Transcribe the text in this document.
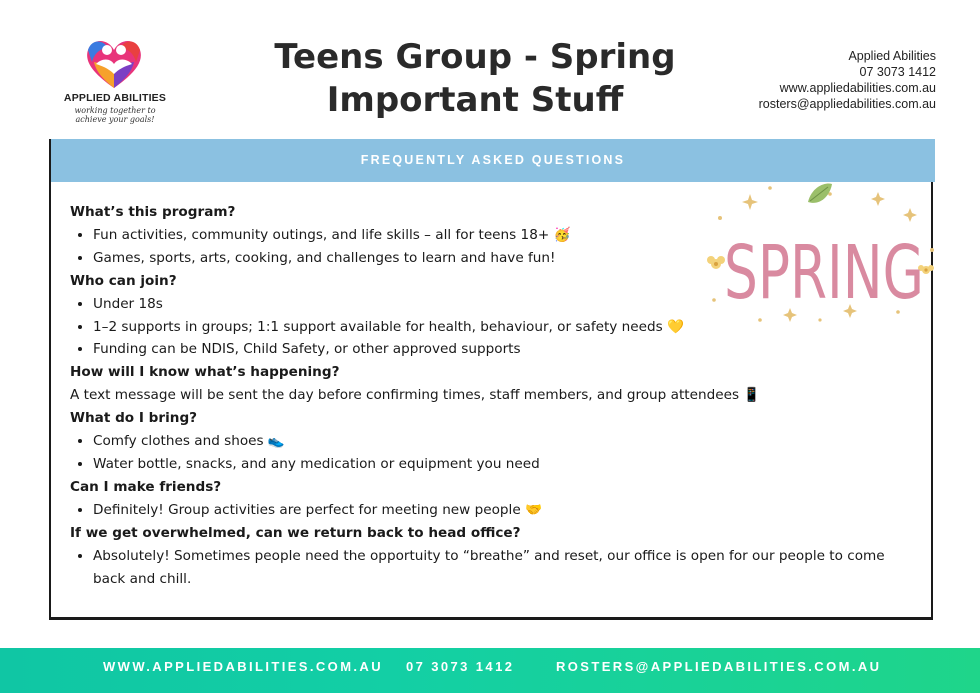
APPLIED ABILITIES
working together to achieve your goals!
Teens Group - Spring
Important Stuff
Applied Abilities
07 3073 1412
www.appliedabilities.com.au
rosters@appliedabilities.com.au
FREQUENTLY ASKED QUESTIONS
SPRING

What’s this program?

• Fun activities, community outings, and life skills – all for teens 18+ 🥳
• Games, sports, arts, cooking, and challenges to learn and have fun!

Who can join?

• Under 18s
• 1–2 supports in groups; 1:1 support available for health, behaviour, or safety needs 💛
• Funding can be NDIS, Child Safety, or other approved supports

How will I know what’s happening?

A text message will be sent the day before confirming times, staff members, and group attendees 📱

What do I bring?

• Comfy clothes and shoes 👟
• Water bottle, snacks, and any medication or equipment you need

Can I make friends?

• Definitely! Group activities are perfect for meeting new people 🤝

If we get overwhelmed, can we return back to head office?

• Absolutely! Sometimes people need the opportuity to “breathe” and reset, our office is open for our people to come back and chill.
WWW.APPLIEDABILITIES.COM.AU 07 3073 1412	ROSTERS@APPLIEDABILITIES.COM.AU
